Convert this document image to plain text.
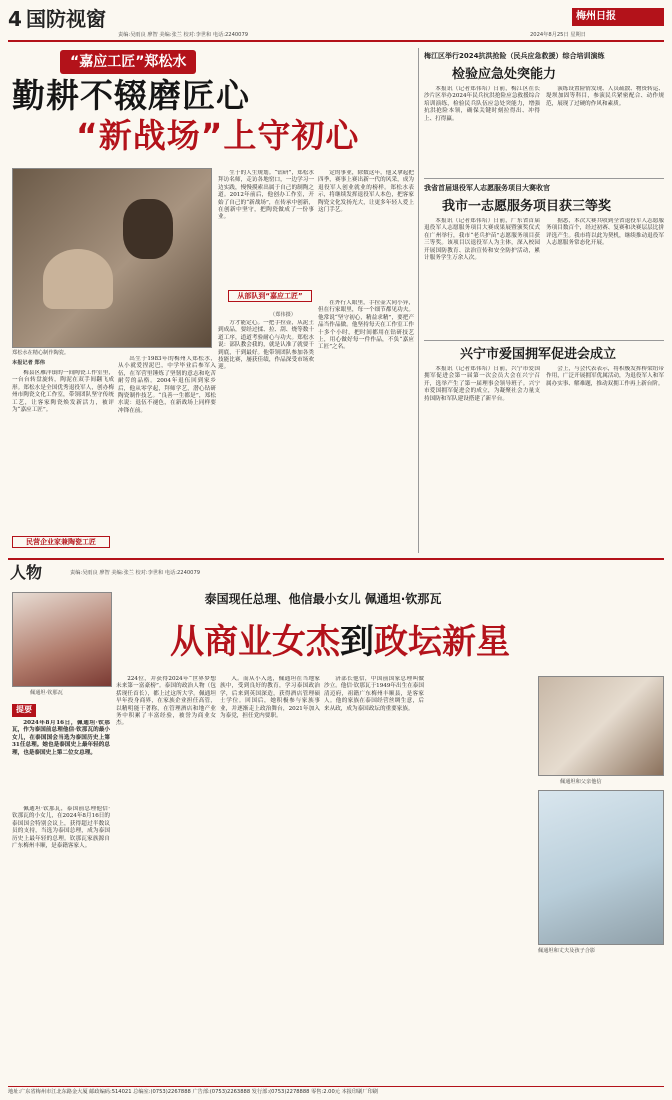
4 国防视窗
责编:吴雨良 廖智 美编:张兰 校对:李世和 电话:2240079
梅州日报
2024年8月25日 星期日
“嘉应工匠”郑松水
勤耕不辍磨匠心
“新战场”上守初心
郑松水在精心制作陶瓷。
本报记者 郑伟

梅县区雁洋镇的一间陶瓷工作室里，一台台转盘旋转，陶泥在双手间翻飞成形。郑松水是全国优秀退役军人，创办梅州市陶瓷文化工作室，带领团队坚守传统工艺，让客家陶瓷焕发新活力，被评为“嘉应工匠”。

民营企业家兼陶瓷工匠

出生于1983年的梅州人郑松水，从小就爱捏泥巴，中学毕业后参军入伍，在军营里锤炼了坚韧的意志和吃苦耐劳的品格。2004年退伍回到家乡后，他从零学起，拜师学艺，潜心钻研陶瓷制作技艺。“良善一生都是”，郑松水说：退伍不褪色，在新战场上同样要冲锋在前。

生于的人生规划。“钻研”，郑松水拜访名师，走访各地窑口，一边学习一边实践，慢慢摸索出属于自己的制陶之道。2012年前后，他创办工作室，开始了自己的“新战场”，在传承中创新，在创新中坚守，把陶瓷做成了一份事业。

从部队到“嘉应工匠”
（郑伟摄）

方才能定心。一把手拉壶，从泥土到成品，要经过揉、拉、刮、烧等数十道工序，道道考验耐心与功夫。郑松水说：部队教会我的，就是认准了就要干到底，干到最好。他带领团队参加各类技能比赛，屡获佳绩，作品深受市场欢迎。

定的事业，除数这年，他又拿起把四季，赛事上赛出新一代的风采，成为退役军人创业就业的榜样。郑松水表示，将继续发挥退役军人本色，把客家陶瓷文化发扬光大，让更多年轻人爱上这门手艺。

在外行人眼里，手拉壶大同小异，但在行家眼里，每一个细节都见功夫。他常说“坚守初心，精益求精”，要把产品当作品做。他坚持每天在工作室工作十多个小时，把时间都用在钻研技艺上，用心做好每一件作品，不负“嘉应工匠”之名。

梅江区举行2024抗洪抢险（民兵应急救援）综合培训演练
检验应急处突能力

本报讯（记者郑伟培）日前，梅江区在长沙片区举办2024年民兵抗洪抢险应急救援综合培训演练，检验民兵队伍应急处突能力，增强抗洪抢险本领，确保关键时刻拉得出、冲得上、打得赢。

演练设置险情发现、人员疏散、物资转运、堤坝加固等科目，参演民兵紧密配合、动作规范，展现了过硬的作风和素质。

我省首届退役军人志愿服务项目大赛收官
我市一志愿服务项目获三等奖

本报讯（记者郑伟培）日前，广东省首届退役军人志愿服务项目大赛成果展暨颁奖仪式在广州举行，我市“老兵护苗”志愿服务项目获三等奖。该项目以退役军人为主体，深入校园开展国防教育、法治宣传和安全防护活动，累计服务学生万余人次。

据悉，本次大赛共收到全省退役军人志愿服务项目数百个，经过初赛、复赛和决赛层层比拼评选产生。我市将以此为契机，继续推动退役军人志愿服务常态化开展。

兴宁市爱国拥军促进会成立

本报讯（记者郑伟培）日前，兴宁市爱国拥军促进会第一届第一次会员大会在兴宁召开，选举产生了第一届理事会领导班子。兴宁市爱国拥军促进会的成立，为凝聚社会力量支持国防和军队建设搭建了新平台。

会上，与会代表表示，将积极发挥桥梁纽带作用，广泛开展拥军优属活动，为退役军人和军属办实事、解难题，推动双拥工作再上新台阶。

人物	责编:吴雨良 廖智 美编:张兰 校对:李世和 电话:2240079
佩通坦·钦那瓦
泰国现任总理、他信最小女儿 佩通坦·钦那瓦
从商业女杰到政坛新星
提要

2024年8月16日，佩通坦·钦那瓦，作为泰国前总理他信·钦那瓦的最小女儿，在泰国国会当选为泰国历史上第31任总理。她也是泰国史上最年轻的总理，也是泰国史上第二位女总理。

佩通坦·钦那瓦，泰国前总理他信·钦那瓦的小女儿，在2024年8月16日的泰国国会特别会议上，获得超过半数议员的支持，当选为泰国总理，成为泰国历史上最年轻的总理。钦那瓦家族源自广东梅州丰顺，是泰籍客家人。

224位，并获得2024年“世界梦想未来第一富豪榜”。泰国的政治人物（包括现任首长），都上过这所大学。佩通坦早年投身商界，在家族企业担任高管，以精明能干著称，在管理酒店和地产业务中积累了丰富经验，被誉为商业女杰。

入。而从小入选，佩通坦在当地家族中，受到良好的教育，学习泰国政治学，后来到英国深造，获得酒店管理硕士学位。回国后，她积极参与家族事业，并逐渐走上政治舞台，2021年加入为泰党，担任党内要职。

济部长他信，中国前国家总理叫做沙立。他信·钦那瓦于1949年出生在泰国清迈府，祖籍广东梅州丰顺县，是客家人。他的家族在泰国经营丝绸生意，后来从政，成为泰国政坛的重要家族。

佩通坦和父亲他信
佩通坦和丈夫及孩子合影
地址:广东省梅州市江北东路金大厦 邮政编码:514021 总编室:(0753)2267888 广告部:(0753)2263888 发行部:(0753)2278888 零售:2.00元 本报印刷厂印刷
